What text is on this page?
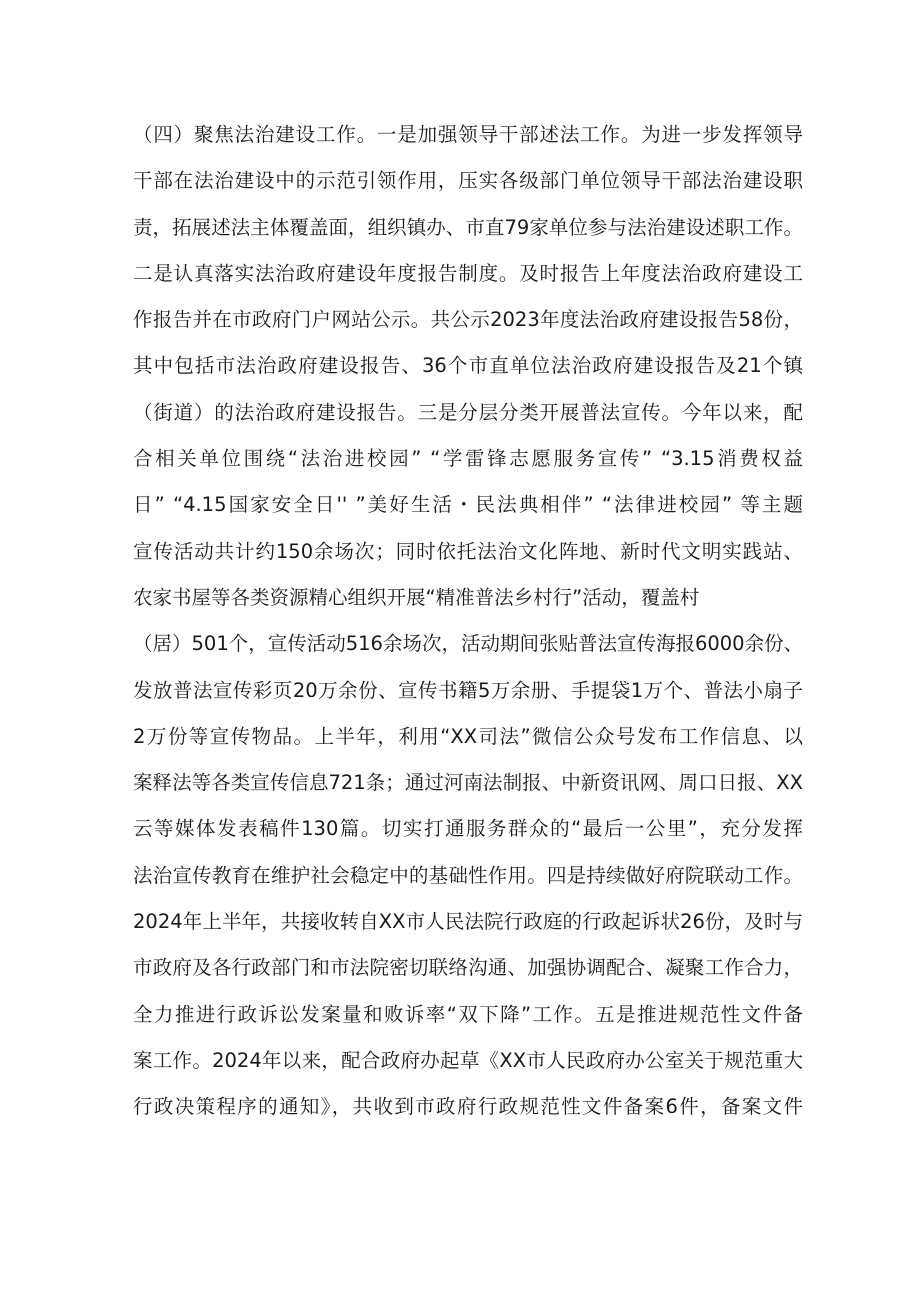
（四）聚焦法治建设工作。一是加强领导干部述法工作。为进一步发挥领导
干部在法治建设中的示范引领作用，压实各级部门单位领导干部法治建设职
责，拓展述法主体覆盖面，组织镇办、市直79家单位参与法治建设述职工作。
二是认真落实法治政府建设年度报告制度。及时报告上年度法治政府建设工
作报告并在市政府门户网站公示。共公示2023年度法治政府建设报告58份，
其中包括市法治政府建设报告、36个市直单位法治政府建设报告及21个镇
（街道）的法治政府建设报告。三是分层分类开展普法宣传。今年以来，配
合相关单位围绕“法治进校园” “学雷锋志愿服务宣传” “3.15消费权益
日” “4.15国家安全日'' ”美好生活・民法典相伴” “法律进校园” 等主题
宣传活动共计约150余场次；同时依托法治文化阵地、新时代文明实践站、
农家书屋等各类资源精心组织开展“精准普法乡村行”活动，覆盖村
（居）501个，宣传活动516余场次，活动期间张贴普法宣传海报6000余份、
发放普法宣传彩页20万余份、宣传书籍5万余册、手提袋1万个、普法小扇子
2万份等宣传物品。上半年，利用“XX司法”微信公众号发布工作信息、以
案释法等各类宣传信息721条；通过河南法制报、中新资讯网、周口日报、XX
云等媒体发表稿件130篇。切实打通服务群众的“最后一公里”，充分发挥
法治宣传教育在维护社会稳定中的基础性作用。四是持续做好府院联动工作。
2024年上半年，共接收转自XX市人民法院行政庭的行政起诉状26份，及时与
市政府及各行政部门和市法院密切联络沟通、加强协调配合、凝聚工作合力，
全力推进行政诉讼发案量和败诉率“双下降”工作。五是推进规范性文件备
案工作。2024年以来，配合政府办起草《XX市人民政府办公室关于规范重大
行政决策程序的通知》，共收到市政府行政规范性文件备案6件，备案文件
